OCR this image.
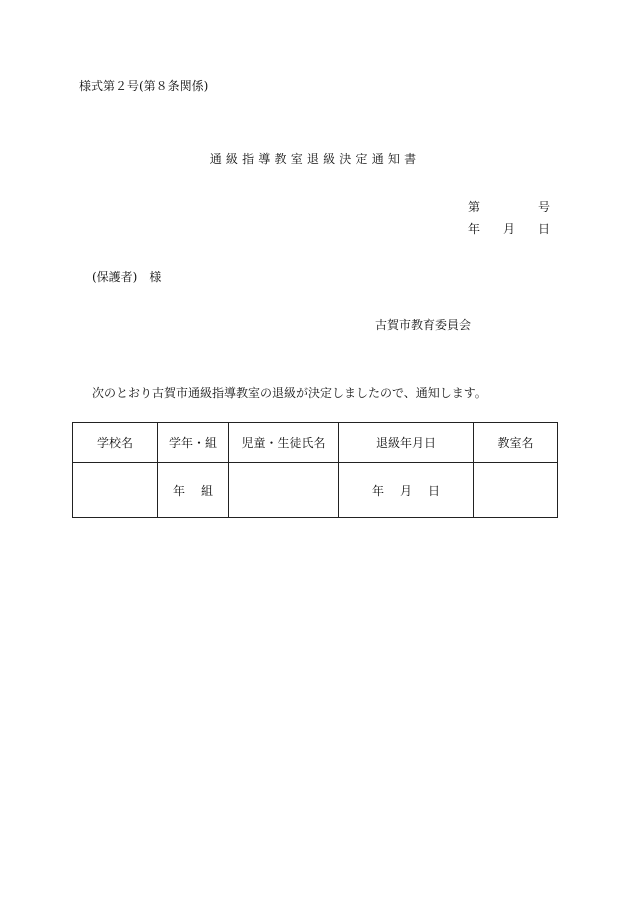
様式第２号(第８条関係)
通級指導教室退級決定通知書
第	号
年 月 日
(保護者) 様
古賀市教育委員会
次のとおり古賀市通級指導教室の退級が決定しましたので、通知します。
学校名	学年・組	児童・生徒氏名	退級年月日	教室名
	年 組		年 月 日	
